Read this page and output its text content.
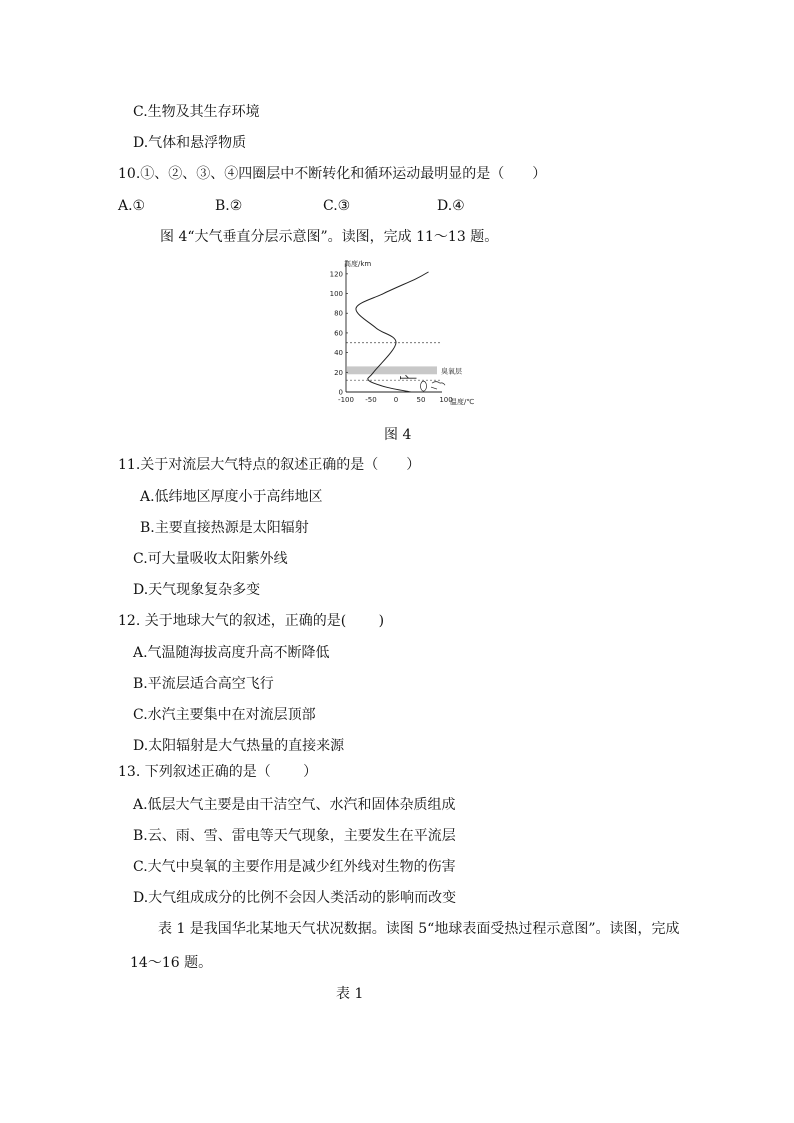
C.生物及其生存环境
D.气体和悬浮物质
10.①、②、③、④四圈层中不断转化和循环运动最明显的是（　　）
A.①	B.②	C.③	D.④
图 4“大气垂直分层示意图”。读图，完成 11～13 题。
0
20
40
60
80
100
120
-100 -50 0	50 100
高度/km
温度/℃
臭氧层
图 4
11.关于对流层大气特点的叙述正确的是（　　）
A.低纬地区厚度小于高纬地区
B.主要直接热源是太阳辐射
C.可大量吸收太阳紫外线
D.天气现象复杂多变
12. 关于地球大气的叙述，正确的是(　　 )
A.气温随海拔高度升高不断降低
B.平流层适合高空飞行
C.水汽主要集中在对流层顶部
D.太阳辐射是大气热量的直接来源
13. 下列叙述正确的是（　　 ）
A.低层大气主要是由干洁空气、水汽和固体杂质组成
B.云、雨、雪、雷电等天气现象，主要发生在平流层
C.大气中臭氧的主要作用是减少红外线对生物的伤害
D.大气组成成分的比例不会因人类活动的影响而改变
表 1 是我国华北某地天气状况数据。读图 5“地球表面受热过程示意图”。读图，完成
14～16 题。
表 1
